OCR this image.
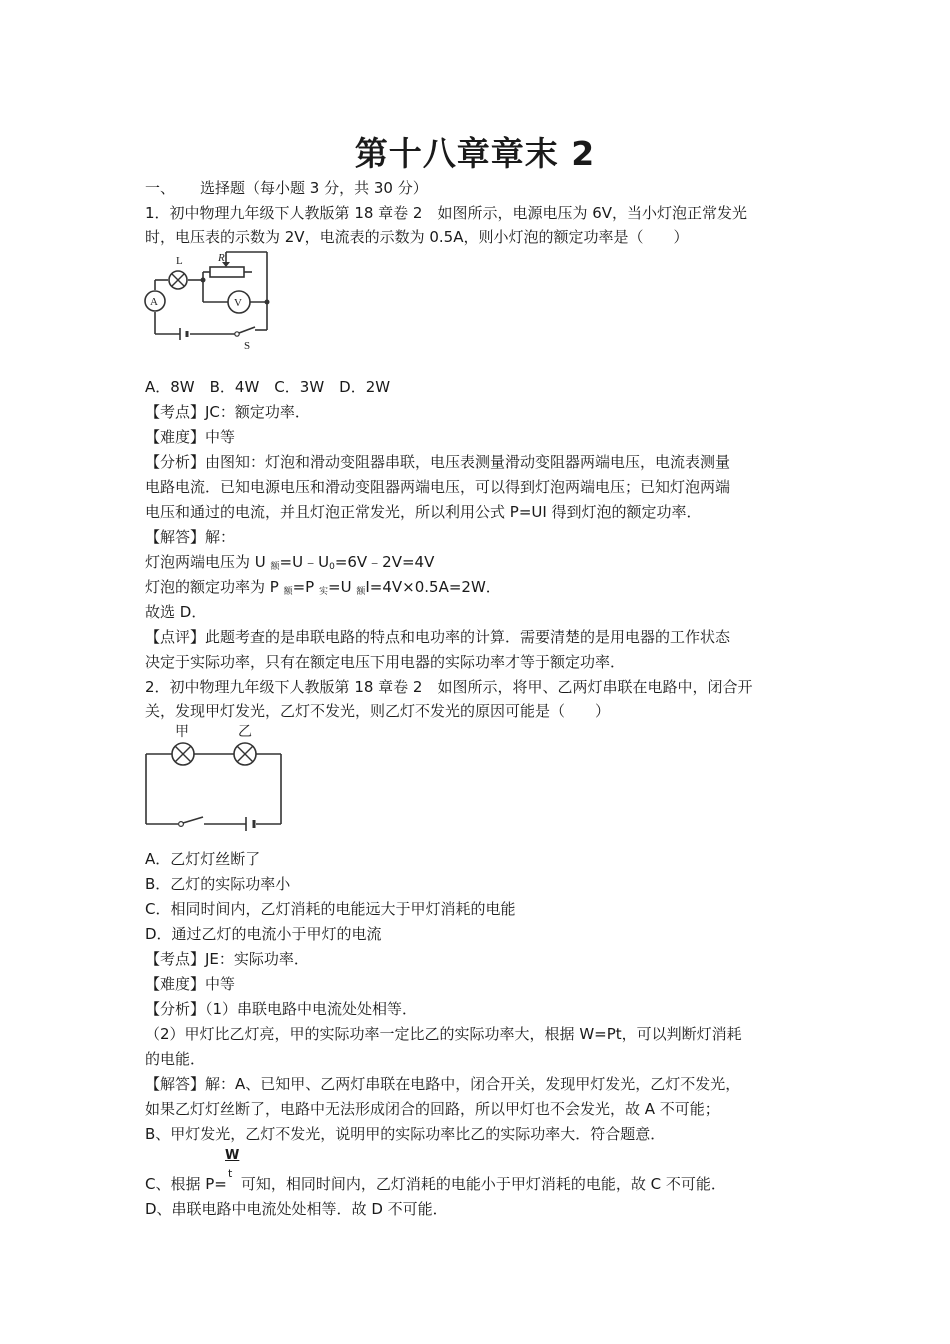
第十八章章末 2
一、 选择题（每小题 3 分，共 30 分）
1．初中物理九年级下人教版第 18 章卷 2　如图所示，电源电压为 6V，当小灯泡正常发光
时，电压表的示数为 2V，电流表的示数为 0.5A，则小灯泡的额定功率是（　　）
L	R
A	V
S
A．8W　B．4W　C．3W　D．2W
【考点】JC：额定功率．
【难度】中等
【分析】由图知：灯泡和滑动变阻器串联，电压表测量滑动变阻器两端电压，电流表测量
电路电流．已知电源电压和滑动变阻器两端电压，可以得到灯泡两端电压；已知灯泡两端
电压和通过的电流，并且灯泡正常发光，所以利用公式 P=UI 得到灯泡的额定功率．
【解答】解：
灯泡两端电压为 U $_额=U﹣U_0=6V﹣2V=4V$
灯泡的额定功率为 P $_额$=P $_实$=U $_额$I=4V×0.5A=2W．
故选 D．
【点评】此题考查的是串联电路的特点和电功率的计算．需要清楚的是用电器的工作状态
决定于实际功率，只有在额定电压下用电器的实际功率才等于额定功率．
2．初中物理九年级下人教版第 18 章卷 2　如图所示，将甲、乙两灯串联在电路中，闭合开
关，发现甲灯发光，乙灯不发光，则乙灯不发光的原因可能是（　　）
甲	乙
A．乙灯灯丝断了
B．乙灯的实际功率小
C．相同时间内，乙灯消耗的电能远大于甲灯消耗的电能
D．通过乙灯的电流小于甲灯的电流
【考点】JE：实际功率．
【难度】中等
【分析】（1）串联电路中电流处处相等．
（2）甲灯比乙灯亮，甲的实际功率一定比乙的实际功率大，根据 W=Pt，可以判断灯消耗
的电能．
【解答】解：A、已知甲、乙两灯串联在电路中，闭合开关，发现甲灯发光，乙灯不发光，
如果乙灯灯丝断了，电路中无法形成闭合的回路，所以甲灯也不会发光，故 A 不可能；
B、甲灯发光，乙灯不发光，说明甲的实际功率比乙的实际功率大．符合题意．
W
t
C、根据 P= 可知，相同时间内，乙灯消耗的电能小于甲灯消耗的电能，故 C 不可能．
D、串联电路中电流处处相等．故 D 不可能．
